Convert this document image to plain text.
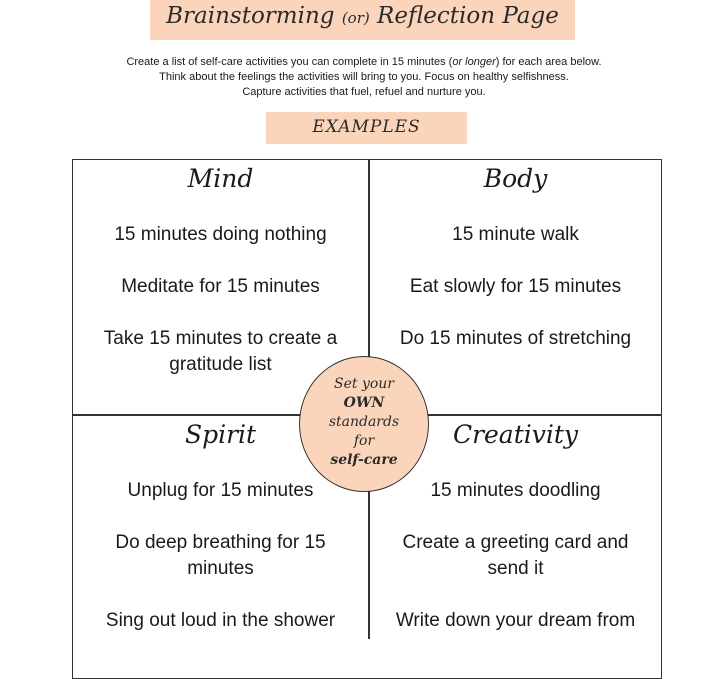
Brainstorming (or) Reflection Page
Create a list of self-care activities you can complete in 15 minutes (or longer) for each area below.
Think about the feelings the activities will bring to you. Focus on healthy selfishness.
Capture activities that fuel, refuel and nurture you.
EXAMPLES
Mind
15 minutes doing nothing
Meditate for 15 minutes
Take 15 minutes to create a gratitude list
Body
15 minute walk
Eat slowly for 15 minutes
Do 15 minutes of stretching
Spirit
Unplug for 15 minutes
Do deep breathing for 15 minutes
Sing out loud in the shower
Creativity
15 minutes doodling
Create a greeting card and send it
Write down your dream from
Set your
OWN
standards
for
self-care
